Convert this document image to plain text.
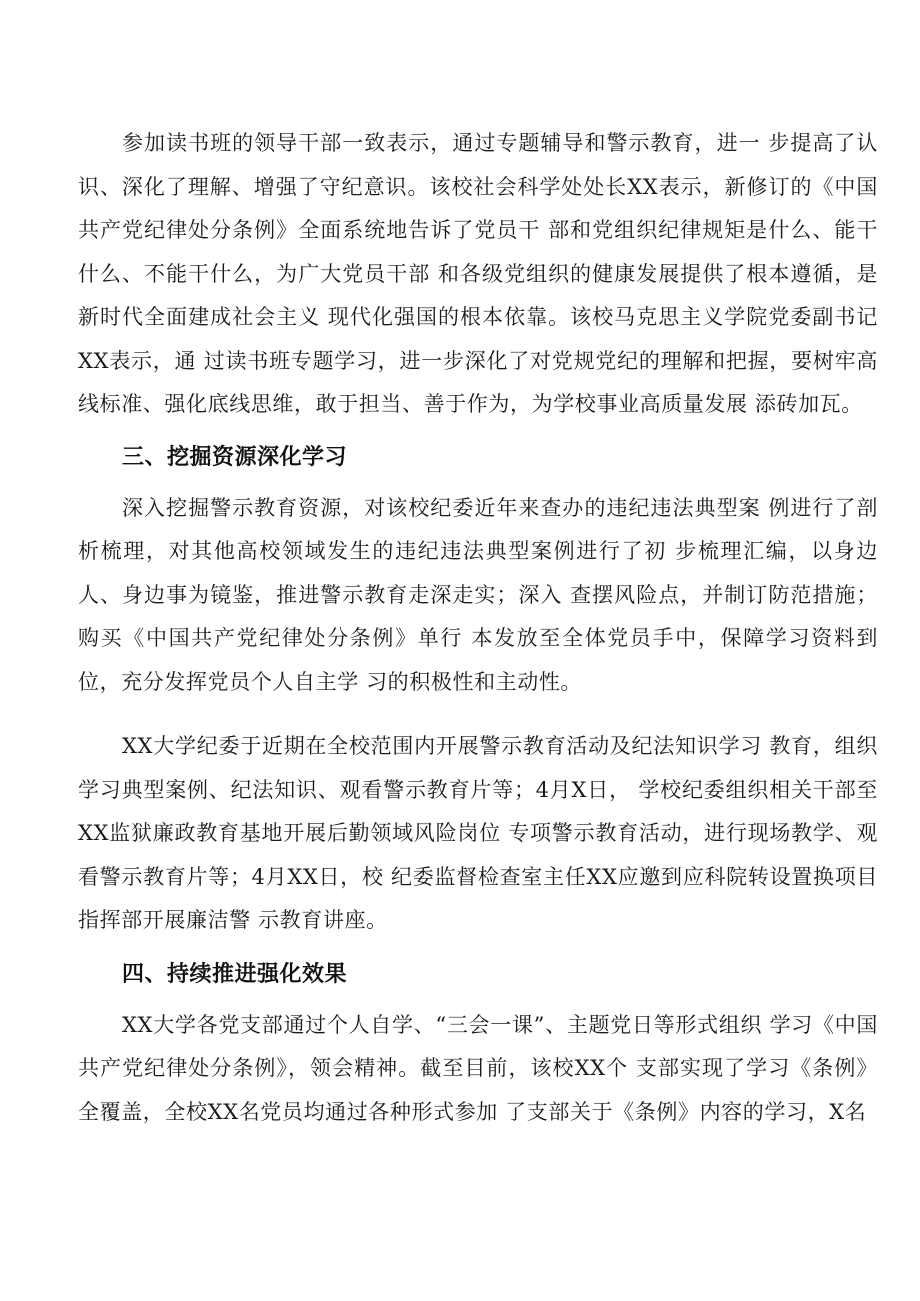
参加读书班的领导干部一致表示，通过专题辅导和警示教育，进一 步提高了认识、深化了理解、增强了守纪意识。该校社会科学处处长XX表示，新修订的《中国共产党纪律处分条例》全面系统地告诉了党员干 部和党组织纪律规矩是什么、能干什么、不能干什么，为广大党员干部 和各级党组织的健康发展提供了根本遵循，是新时代全面建成社会主义 现代化强国的根本依靠。该校马克思主义学院党委副书记XX表示，通 过读书班专题学习，进一步深化了对党规党纪的理解和把握，要树牢高线标准、强化底线思维，敢于担当、善于作为，为学校事业高质量发展 添砖加瓦。

三、挖掘资源深化学习

深入挖掘警示教育资源，对该校纪委近年来查办的违纪违法典型案 例进行了剖析梳理，对其他高校领域发生的违纪违法典型案例进行了初 步梳理汇编，以身边人、身边事为镜鉴，推进警示教育走深走实；深入 查摆风险点，并制订防范措施；购买《中国共产党纪律处分条例》单行 本发放至全体党员手中，保障学习资料到位，充分发挥党员个人自主学 习的积极性和主动性。

XX大学纪委于近期在全校范围内开展警示教育活动及纪法知识学习 教育，组织学习典型案例、纪法知识、观看警示教育片等；4月X日， 学校纪委组织相关干部至XX监狱廉政教育基地开展后勤领域风险岗位 专项警示教育活动，进行现场教学、观看警示教育片等；4月XX日，校 纪委监督检查室主任XX应邀到应科院转设置换项目指挥部开展廉洁警 示教育讲座。

四、持续推进强化效果

XX大学各党支部通过个人自学、“三会一课”、主题党日等形式组织 学习《中国共产党纪律处分条例》，领会精神。截至目前，该校XX个 支部实现了学习《条例》全覆盖，全校XX名党员均通过各种形式参加 了支部关于《条例》内容的学习，X名
